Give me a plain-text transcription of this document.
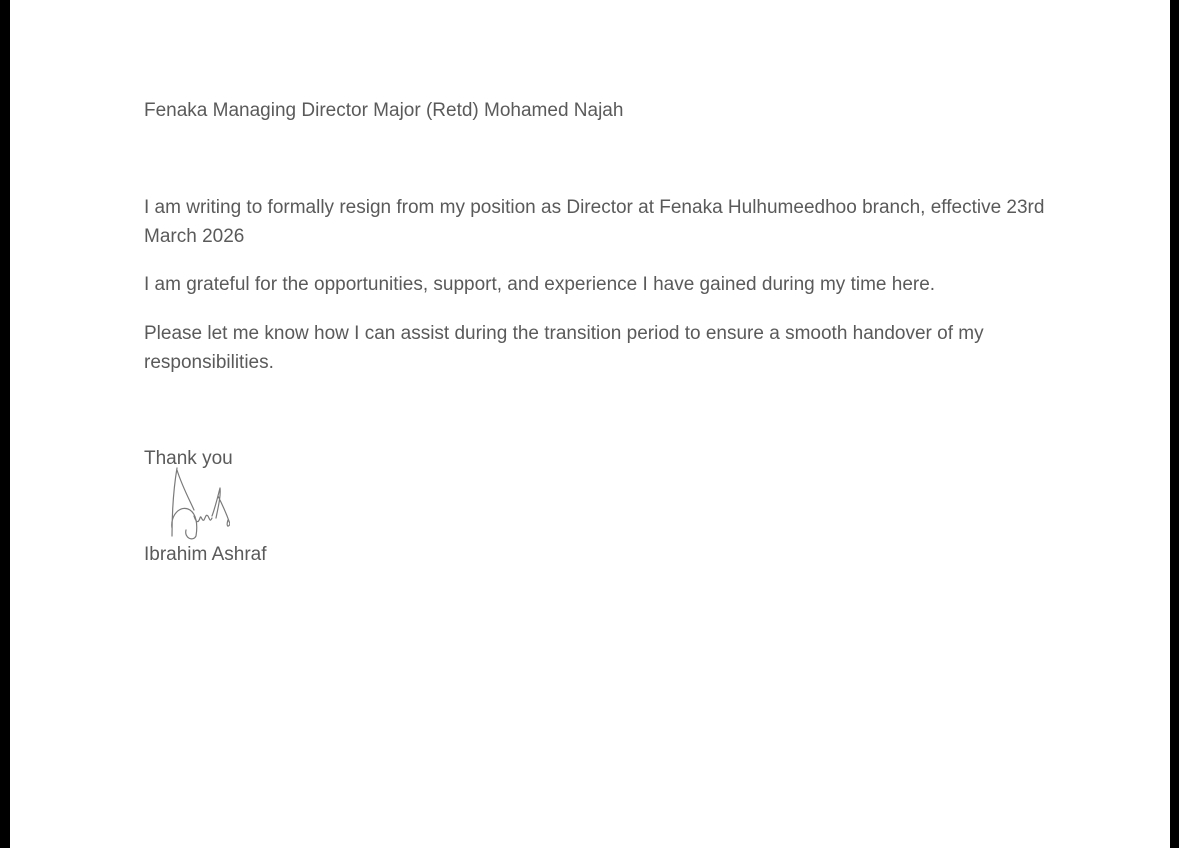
Fenaka Managing Director Major (Retd) Mohamed Najah
I am writing to formally resign from my position as Director at Fenaka Hulhumeedhoo branch, effective 23rd March 2026
I am grateful for the opportunities, support, and experience I have gained during my time here.
Please let me know how I can assist during the transition period to ensure a smooth handover of my responsibilities.
Thank you
Ibrahim Ashraf
